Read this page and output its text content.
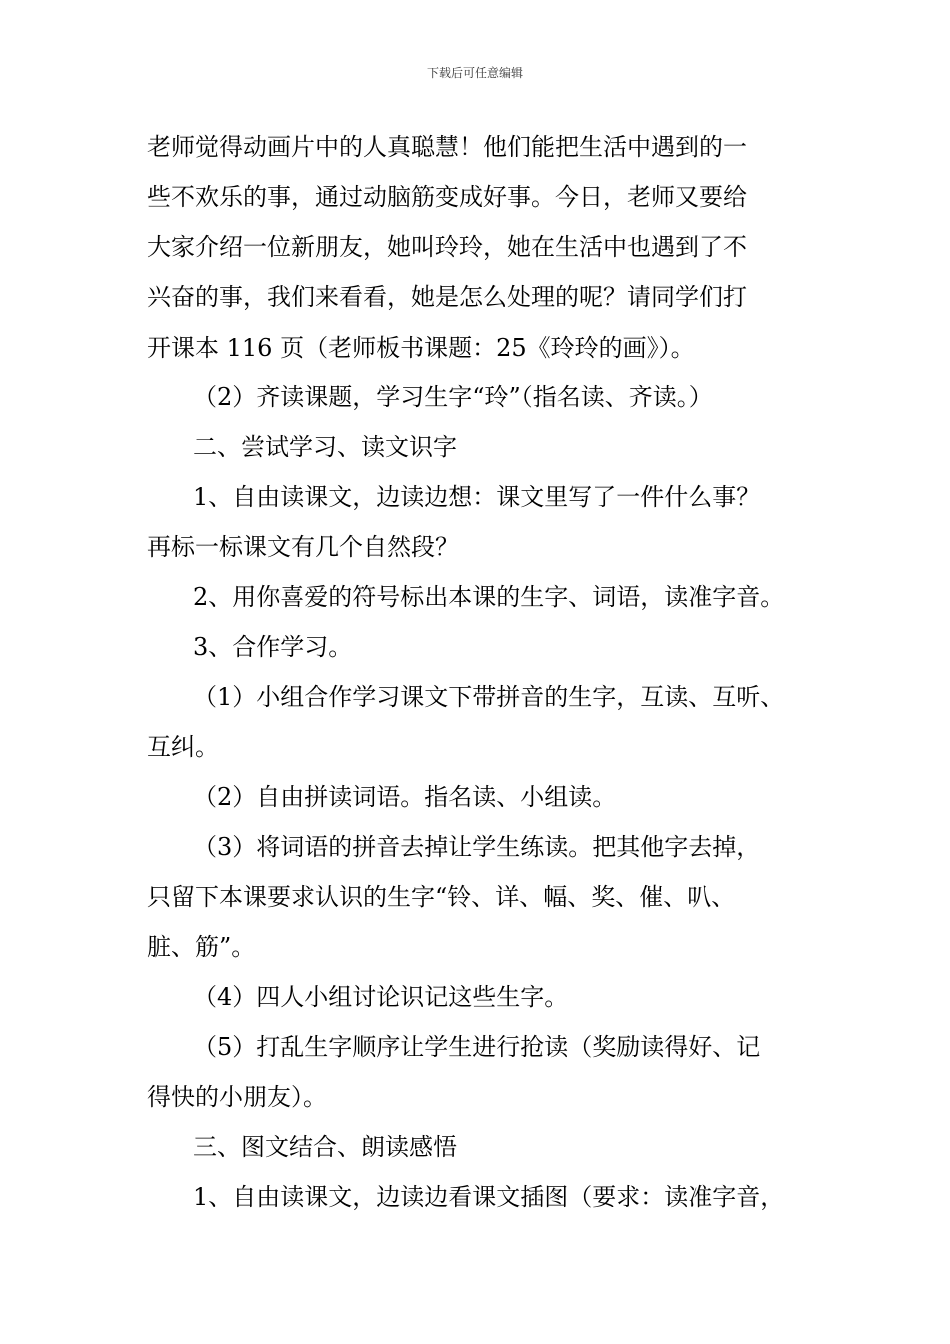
下载后可任意编辑
老师觉得动画片中的人真聪慧！他们能把生活中遇到的一
些不欢乐的事，通过动脑筋变成好事。今日，老师又要给
大家介绍一位新朋友，她叫玲玲，她在生活中也遇到了不
兴奋的事，我们来看看，她是怎么处理的呢？请同学们打
开课本 116 页（老师板书课题：25《玲玲的画》）。
（2）齐读课题，学习生字“玲”（指名读、齐读。）
二、尝试学习、读文识字
1、自由读课文，边读边想：课文里写了一件什么事？
再标一标课文有几个自然段？
2、用你喜爱的符号标出本课的生字、词语，读准字音。
3、合作学习。
（1）小组合作学习课文下带拼音的生字，互读、互听、
互纠。
（2）自由拼读词语。指名读、小组读。
（3）将词语的拼音去掉让学生练读。把其他字去掉，
只留下本课要求认识的生字“铃、详、幅、奖、催、叭、
脏、筋”。
（4）四人小组讨论识记这些生字。
（5）打乱生字顺序让学生进行抢读（奖励读得好、记
得快的小朋友）。
三、图文结合、朗读感悟
1、自由读课文，边读边看课文插图（要求：读准字音，
